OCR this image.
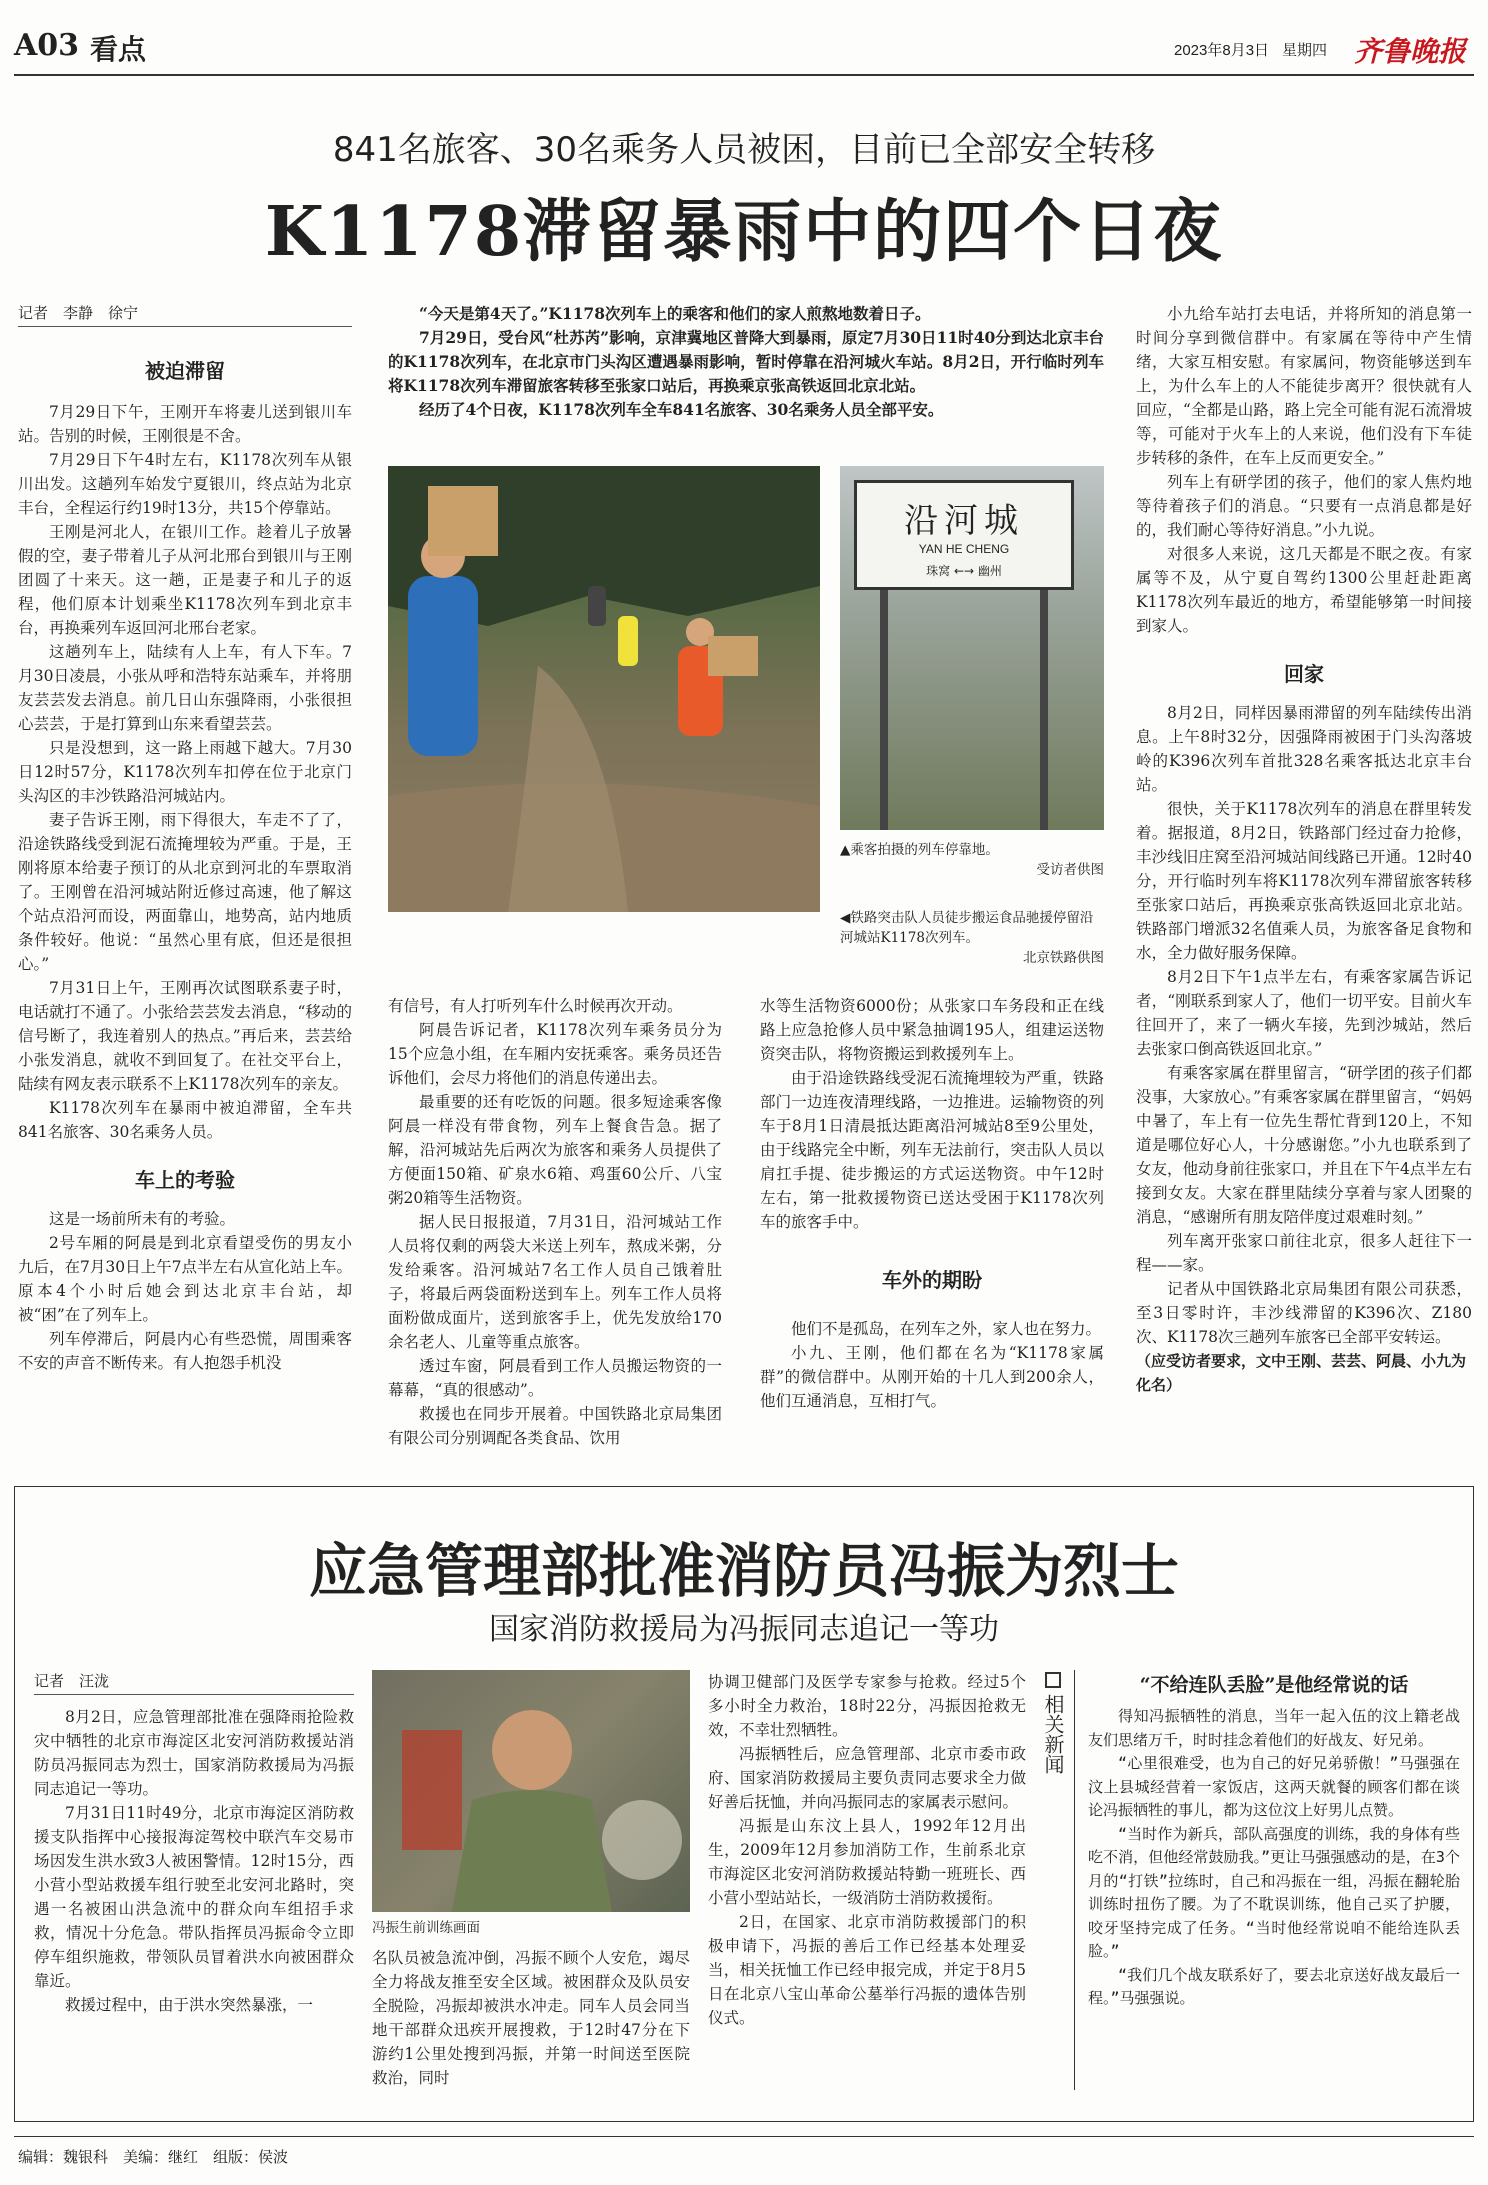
A03 看点	2023年8月3日 星期四 齐鲁晚报
841名旅客、30名乘务人员被困，目前已全部安全转移
K1178滞留暴雨中的四个日夜
记者　李静　徐宁
被迫滞留

7月29日下午，王刚开车将妻儿送到银川车站。告别的时候，王刚很是不舍。

7月29日下午4时左右，K1178次列车从银川出发。这趟列车始发宁夏银川，终点站为北京丰台，全程运行约19时13分，共15个停靠站。

王刚是河北人，在银川工作。趁着儿子放暑假的空，妻子带着儿子从河北邢台到银川与王刚团圆了十来天。这一趟，正是妻子和儿子的返程，他们原本计划乘坐K1178次列车到北京丰台，再换乘列车返回河北邢台老家。

这趟列车上，陆续有人上车，有人下车。7月30日凌晨，小张从呼和浩特东站乘车，并将朋友芸芸发去消息。前几日山东强降雨，小张很担心芸芸，于是打算到山东来看望芸芸。

只是没想到，这一路上雨越下越大。7月30日12时57分，K1178次列车扣停在位于北京门头沟区的丰沙铁路沿河城站内。

妻子告诉王刚，雨下得很大，车走不了了，沿途铁路线受到泥石流掩埋较为严重。于是，王刚将原本给妻子预订的从北京到河北的车票取消了。王刚曾在沿河城站附近修过高速，他了解这个站点沿河而设，两面靠山，地势高，站内地质条件较好。他说：“虽然心里有底，但还是很担心。”

7月31日上午，王刚再次试图联系妻子时，电话就打不通了。小张给芸芸发去消息，“移动的信号断了，我连着别人的热点。”再后来，芸芸给小张发消息，就收不到回复了。在社交平台上，陆续有网友表示联系不上K1178次列车的亲友。

K1178次列车在暴雨中被迫滞留，全车共841名旅客、30名乘务人员。

车上的考验

这是一场前所未有的考验。

2号车厢的阿晨是到北京看望受伤的男友小九后，在7月30日上午7点半左右从宣化站上车。原本4个小时后她会到达北京丰台站，却被“困”在了列车上。

列车停滞后，阿晨内心有些恐慌，周围乘客不安的声音不断传来。有人抱怨手机没

“今天是第4天了。”K1178次列车上的乘客和他们的家人煎熬地数着日子。

7月29日，受台风“杜苏芮”影响，京津冀地区普降大到暴雨，原定7月30日11时40分到达北京丰台的K1178次列车，在北京市门头沟区遭遇暴雨影响，暂时停靠在沿河城火车站。8月2日，开行临时列车将K1178次列车滞留旅客转移至张家口站后，再换乘京张高铁返回北京北站。

经历了4个日夜，K1178次列车全车841名旅客、30名乘务人员全部平安。

沿河城
YAN HE CHENG
珠窝 ←→ 幽州
▲乘客拍摄的列车停靠地。
受访者供图
◀铁路突击队人员徒步搬运食品驰援停留沿河城站K1178次列车。
北京铁路供图

有信号，有人打听列车什么时候再次开动。

阿晨告诉记者，K1178次列车乘务员分为15个应急小组，在车厢内安抚乘客。乘务员还告诉他们，会尽力将他们的消息传递出去。

最重要的还有吃饭的问题。很多短途乘客像阿晨一样没有带食物，列车上餐食告急。据了解，沿河城站先后两次为旅客和乘务人员提供了方便面150箱、矿泉水6箱、鸡蛋60公斤、八宝粥20箱等生活物资。

据人民日报报道，7月31日，沿河城站工作人员将仅剩的两袋大米送上列车，熬成米粥，分发给乘客。沿河城站7名工作人员自己饿着肚子，将最后两袋面粉送到车上。列车工作人员将面粉做成面片，送到旅客手上，优先发放给170余名老人、儿童等重点旅客。

透过车窗，阿晨看到工作人员搬运物资的一幕幕，“真的很感动”。

救援也在同步开展着。中国铁路北京局集团有限公司分别调配各类食品、饮用

水等生活物资6000份；从张家口车务段和正在线路上应急抢修人员中紧急抽调195人，组建运送物资突击队，将物资搬运到救援列车上。

由于沿途铁路线受泥石流掩埋较为严重，铁路部门一边连夜清理线路，一边推进。运输物资的列车于8月1日清晨抵达距离沿河城站8至9公里处，由于线路完全中断，列车无法前行，突击队人员以肩扛手提、徒步搬运的方式运送物资。中午12时左右，第一批救援物资已送达受困于K1178次列车的旅客手中。

车外的期盼

他们不是孤岛，在列车之外，家人也在努力。

小九、王刚，他们都在名为“K1178家属群”的微信群中。从刚开始的十几人到200余人，他们互通消息，互相打气。

小九给车站打去电话，并将所知的消息第一时间分享到微信群中。有家属在等待中产生情绪，大家互相安慰。有家属问，物资能够送到车上，为什么车上的人不能徒步离开？很快就有人回应，“全都是山路，路上完全可能有泥石流滑坡等，可能对于火车上的人来说，他们没有下车徒步转移的条件，在车上反而更安全。”

列车上有研学团的孩子，他们的家人焦灼地等待着孩子们的消息。“只要有一点消息都是好的，我们耐心等待好消息。”小九说。

对很多人来说，这几天都是不眠之夜。有家属等不及，从宁夏自驾约1300公里赶赴距离K1178次列车最近的地方，希望能够第一时间接到家人。

回家

8月2日，同样因暴雨滞留的列车陆续传出消息。上午8时32分，因强降雨被困于门头沟落坡岭的K396次列车首批328名乘客抵达北京丰台站。

很快，关于K1178次列车的消息在群里转发着。据报道，8月2日，铁路部门经过奋力抢修，丰沙线旧庄窝至沿河城站间线路已开通。12时40分，开行临时列车将K1178次列车滞留旅客转移至张家口站后，再换乘京张高铁返回北京北站。铁路部门增派32名值乘人员，为旅客备足食物和水，全力做好服务保障。

8月2日下午1点半左右，有乘客家属告诉记者，“刚联系到家人了，他们一切平安。目前火车往回开了，来了一辆火车接，先到沙城站，然后去张家口倒高铁返回北京。”

有乘客家属在群里留言，“研学团的孩子们都没事，大家放心。”有乘客家属在群里留言，“妈妈中暑了，车上有一位先生帮忙背到120上，不知道是哪位好心人，十分感谢您。”小九也联系到了女友，他动身前往张家口，并且在下午4点半左右接到女友。大家在群里陆续分享着与家人团聚的消息，“感谢所有朋友陪伴度过艰难时刻。”

列车离开张家口前往北京，很多人赶往下一程——家。

记者从中国铁路北京局集团有限公司获悉，至3日零时许，丰沙线滞留的K396次、Z180次、K1178次三趟列车旅客已全部平安转运。

（应受访者要求，文中王刚、芸芸、阿晨、小九为化名）
应急管理部批准消防员冯振为烈士
国家消防救援局为冯振同志追记一等功
记者　汪泷

8月2日，应急管理部批准在强降雨抢险救灾中牺牲的北京市海淀区北安河消防救援站消防员冯振同志为烈士，国家消防救援局为冯振同志追记一等功。

7月31日11时49分，北京市海淀区消防救援支队指挥中心接报海淀驾校中联汽车交易市场因发生洪水致3人被困警情。12时15分，西小营小型站救援车组行驶至北安河北路时，突遇一名被困山洪急流中的群众向车组招手求救，情况十分危急。带队指挥员冯振命令立即停车组织施救，带领队员冒着洪水向被困群众靠近。

救援过程中，由于洪水突然暴涨，一

冯振生前训练画面

名队员被急流冲倒，冯振不顾个人安危，竭尽全力将战友推至安全区域。被困群众及队员安全脱险，冯振却被洪水冲走。同车人员会同当地干部群众迅疾开展搜救，于12时47分在下游约1公里处搜到冯振，并第一时间送至医院救治，同时

协调卫健部门及医学专家参与抢救。经过5个多小时全力救治，18时22分，冯振因抢救无效，不幸壮烈牺牲。

冯振牺牲后，应急管理部、北京市委市政府、国家消防救援局主要负责同志要求全力做好善后抚恤，并向冯振同志的家属表示慰问。

冯振是山东汶上县人，1992年12月出生，2009年12月参加消防工作，生前系北京市海淀区北安河消防救援站特勤一班班长、西小营小型站站长，一级消防士消防救援衔。

2日，在国家、北京市消防救援部门的积极申请下，冯振的善后工作已经基本处理妥当，相关抚恤工作已经申报完成，并定于8月5日在北京八宝山革命公墓举行冯振的遗体告别仪式。

相关新闻
“不给连队丢脸”是他经常说的话

得知冯振牺牲的消息，当年一起入伍的汶上籍老战友们思绪万千，时时挂念着他们的好战友、好兄弟。

“心里很难受，也为自己的好兄弟骄傲！”马强强在汶上县城经营着一家饭店，这两天就餐的顾客们都在谈论冯振牺牲的事儿，都为这位汶上好男儿点赞。

“当时作为新兵，部队高强度的训练，我的身体有些吃不消，但他经常鼓励我。”更让马强强感动的是，在3个月的“打铁”拉练时，自己和冯振在一组，冯振在翻轮胎训练时扭伤了腰。为了不耽误训练，他自己买了护腰，咬牙坚持完成了任务。“当时他经常说咱不能给连队丢脸。”

“我们几个战友联系好了，要去北京送好战友最后一程。”马强强说。

编辑：魏银科　美编：继红　组版：侯波
